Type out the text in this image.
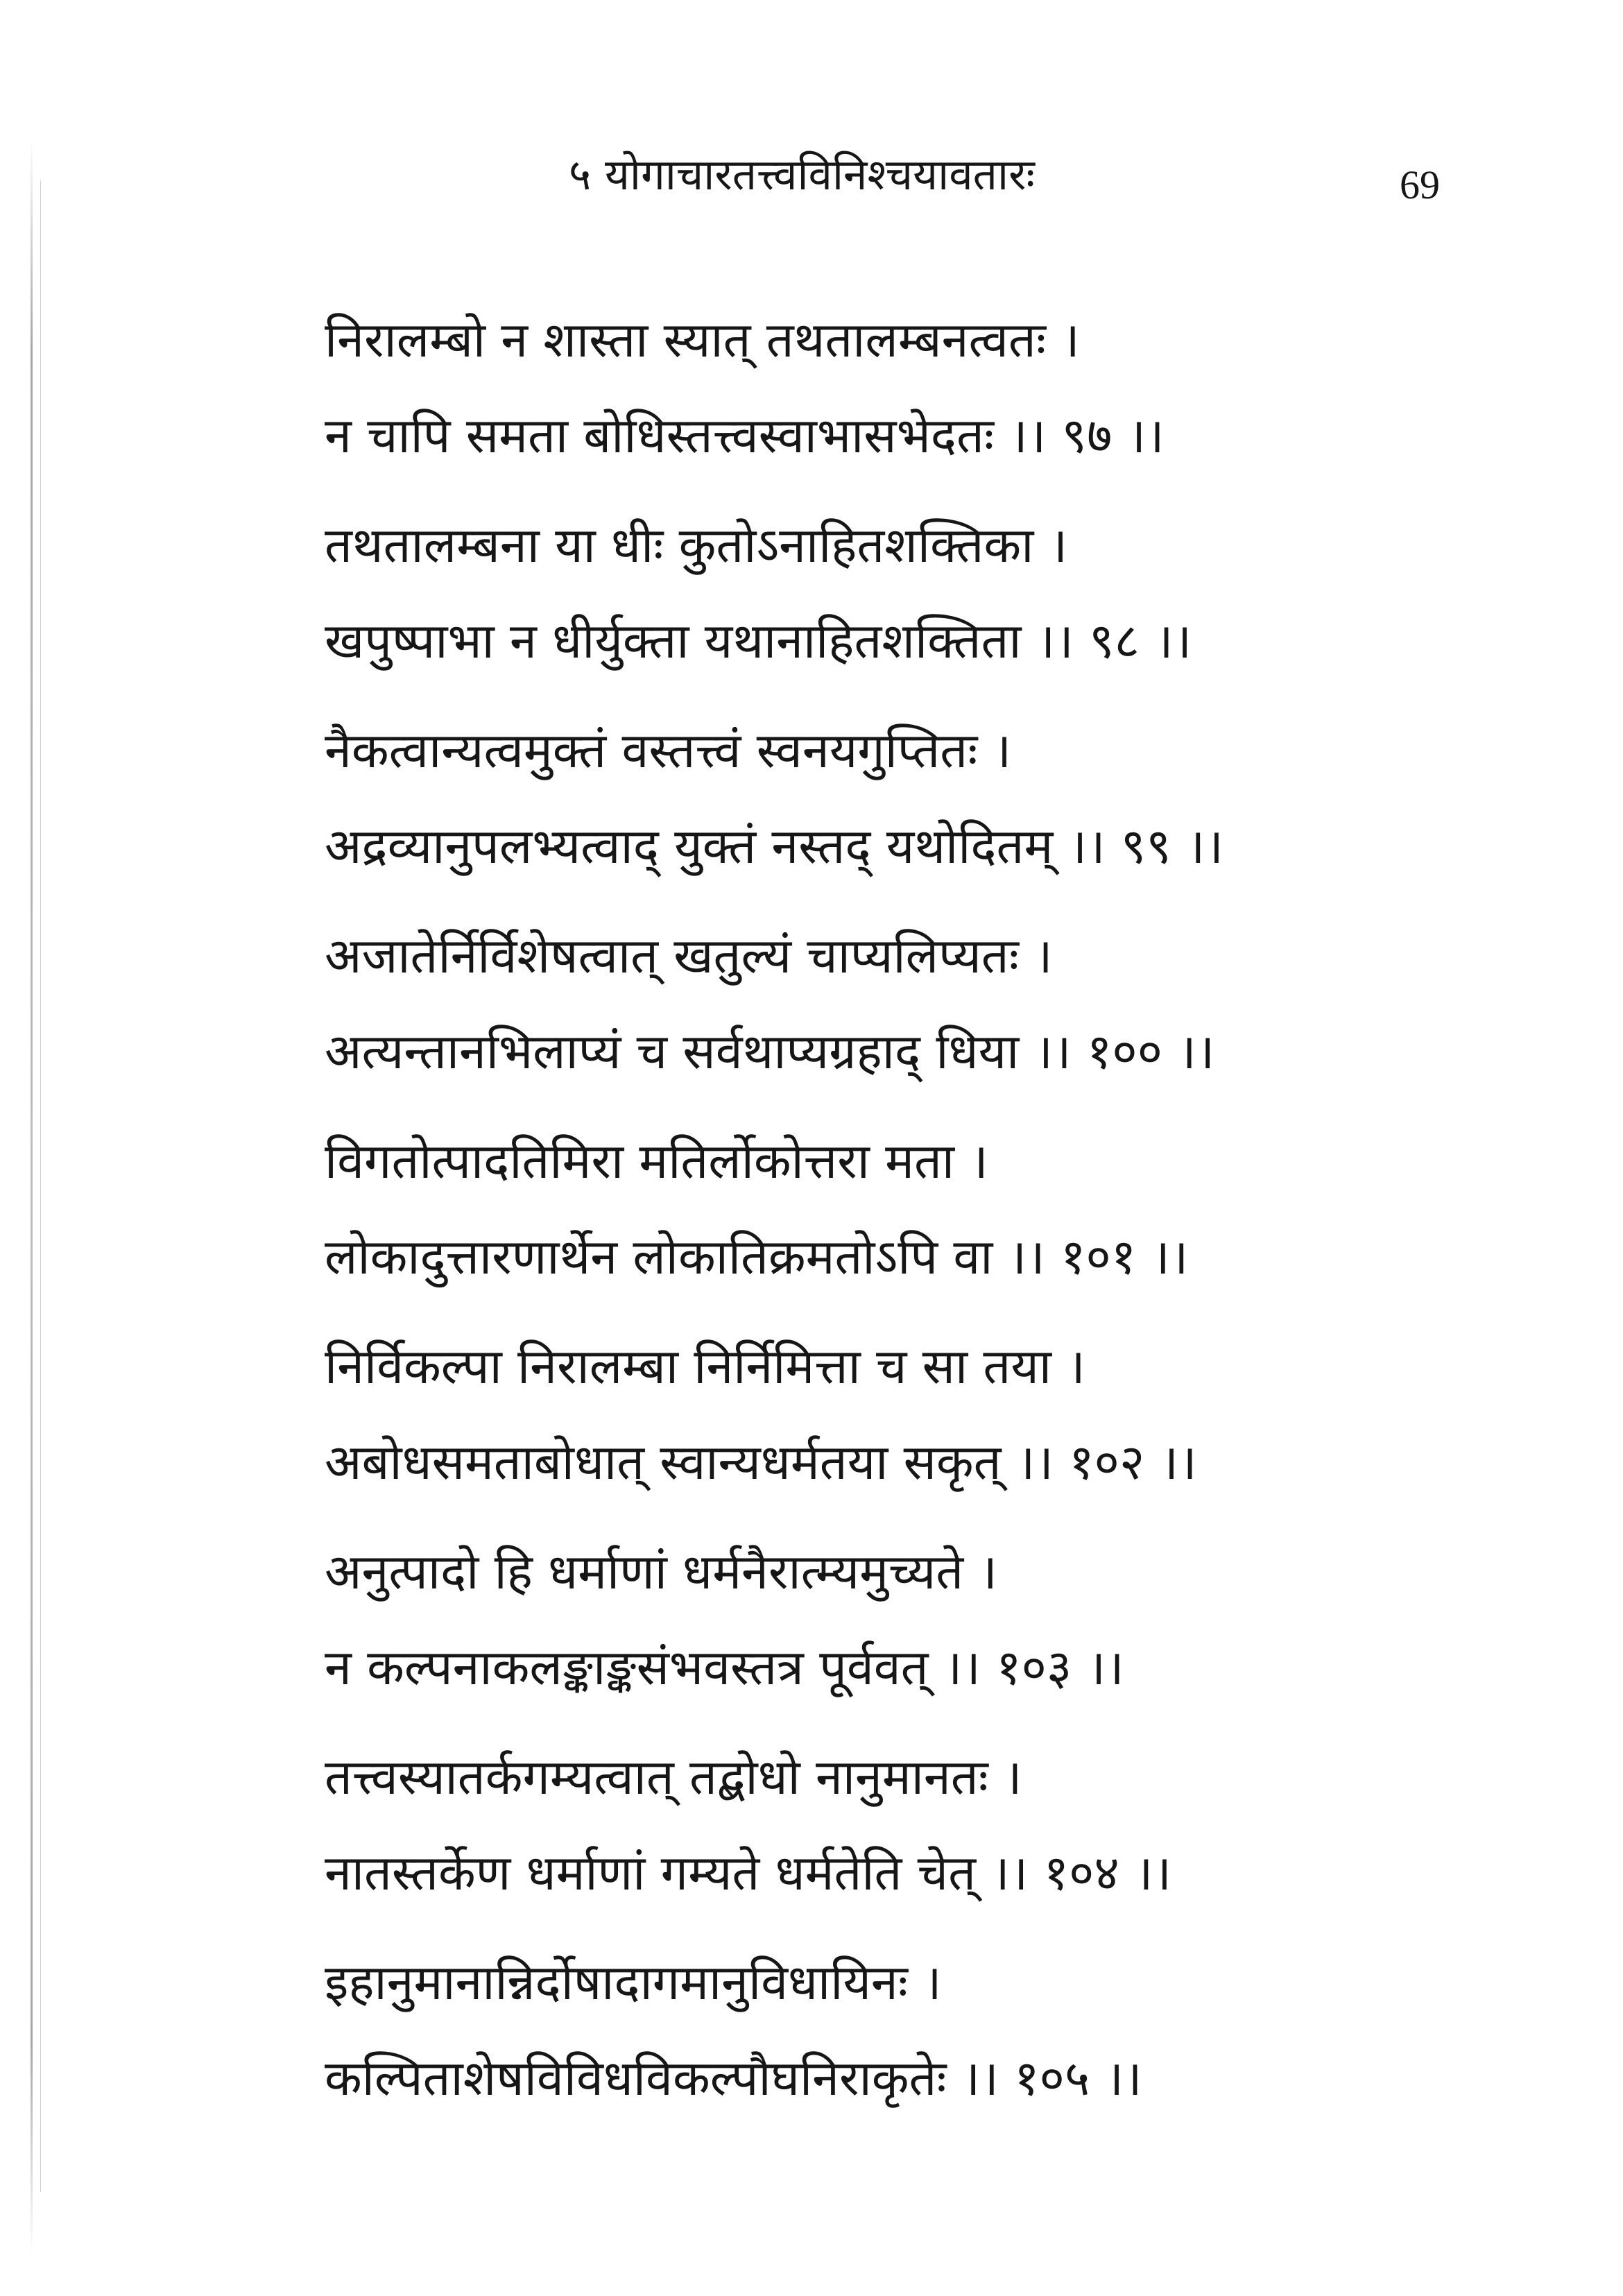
५ योगाचारतत्त्वविनिश्चयावतारः	69
निरालम्बो न शास्ता स्यात् तथतालम्बनत्वतः ।
न चापि समता बोधिस्तत्त्वस्वाभासभेदतः ।। ९७ ।।
तथतालम्बना या धीः कुतोऽनाहितशक्तिका ।
खपुष्पाभा न धीर्युक्ता यथानाहितशक्तिता ।। ९८ ।।
नैकत्वान्यत्वमुक्तं वस्तत्त्वं स्वनयगुप्तितः ।
अद्रव्यानुपलभ्यत्वाद् युक्तं नस्तद् यथोदितम् ।। ९९ ।।
अजातेर्निर्विशेषत्वात् खतुल्यं चाप्यलिप्यतः ।
अत्यन्तानभिलाप्यं च सर्वथाप्यग्रहाद् धिया ।। १०० ।।
विगतोत्पादतिमिरा मतिर्लोकोत्तरा मता ।
लोकादुत्तारणार्थेन लोकातिक्रमतोऽपि वा ।। १०१ ।।
निर्विकल्पा निरालम्बा निर्निमित्ता च सा तया ।
अबोधसमताबोधात् स्वान्यधर्मतया सकृत् ।। १०२ ।।
अनुत्पादो हि धर्माणां धर्मनैरात्म्यमुच्यते ।
न कल्पनाकलङ्काङ्कसंभवस्तत्र पूर्ववत् ।। १०३ ।।
तत्त्वस्यातर्कगम्यत्वात् तद्बोधो नानुमानतः ।
नातस्तर्केण धर्माणां गम्यते धर्मतेति चेत् ।। १०४ ।।
इहानुमानान्निर्दोषादागमानुविधायिनः ।
कल्पिताशेषविविधविकल्पौघनिराकृतेः ।। १०५ ।।
